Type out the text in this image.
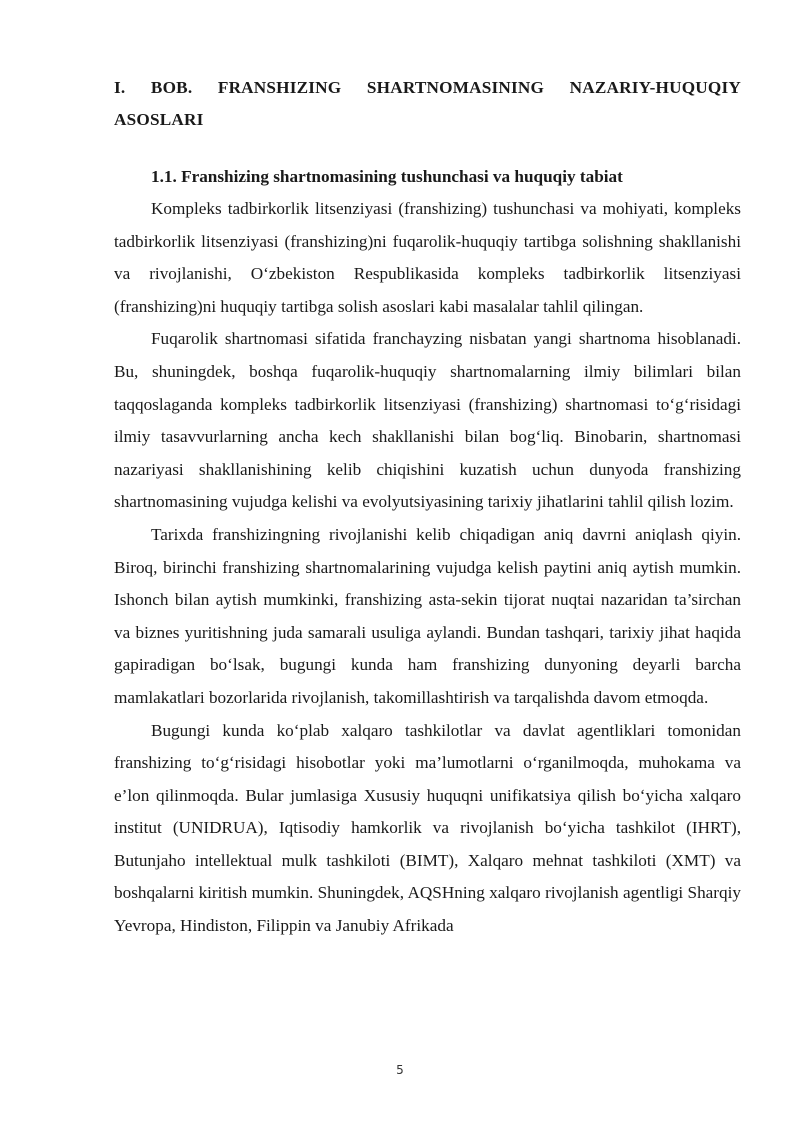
I. BOB. FRANSHIZING SHARTNOMASINING NAZARIY-HUQUQIY ASOSLARI
1.1. Franshizing shartnomasining tushunchasi va huquqiy tabiat

Kompleks tadbirkorlik litsenziyasi (franshizing) tushunchasi va mohiyati, kompleks tadbirkorlik litsenziyasi (franshizing)ni fuqarolik-huquqiy tartibga solishning shakllanishi va rivojlanishi, O‘zbekiston Respublikasida kompleks tadbirkorlik litsenziyasi (franshizing)ni huquqiy tartibga solish asoslari kabi masalalar tahlil qilingan.

Fuqarolik shartnomasi sifatida franchayzing nisbatan yangi shartnoma hisoblanadi. Bu, shuningdek, boshqa fuqarolik-huquqiy shartnomalarning ilmiy bilimlari bilan taqqoslaganda kompleks tadbirkorlik litsenziyasi (franshizing) shartnomasi to‘g‘risidagi ilmiy tasavvurlarning ancha kech shakllanishi bilan bog‘liq. Binobarin, shartnomasi nazariyasi shakllanishining kelib chiqishini kuzatish uchun dunyoda franshizing shartnomasining vujudga kelishi va evolyutsiyasining tarixiy jihatlarini tahlil qilish lozim.

Tarixda franshizingning rivojlanishi kelib chiqadigan aniq davrni aniqlash qiyin. Biroq, birinchi franshizing shartnomalarining vujudga kelish paytini aniq aytish mumkin. Ishonch bilan aytish mumkinki, franshizing asta-sekin tijorat nuqtai nazaridan ta’sirchan va biznes yuritishning juda samarali usuliga aylandi. Bundan tashqari, tarixiy jihat haqida gapiradigan bo‘lsak, bugungi kunda ham franshizing dunyoning deyarli barcha mamlakatlari bozorlarida rivojlanish, takomillashtirish va tarqalishda davom etmoqda.

Bugungi kunda ko‘plab xalqaro tashkilotlar va davlat agentliklari tomonidan franshizing to‘g‘risidagi hisobotlar yoki ma’lumotlarni o‘rganilmoqda, muhokama va e’lon qilinmoqda. Bular jumlasiga Xususiy huquqni unifikatsiya qilish bo‘yicha xalqaro institut (UNIDRUA), Iqtisodiy hamkorlik va rivojlanish bo‘yicha tashkilot (IHRT), Butunjaho intellektual mulk tashkiloti (BIMT), Xalqaro mehnat tashkiloti (XMT) va boshqalarni kiritish mumkin. Shuningdek, AQSHning xalqaro rivojlanish agentligi Sharqiy Yevropa, Hindiston, Filippin va Janubiy Afrikada

5
